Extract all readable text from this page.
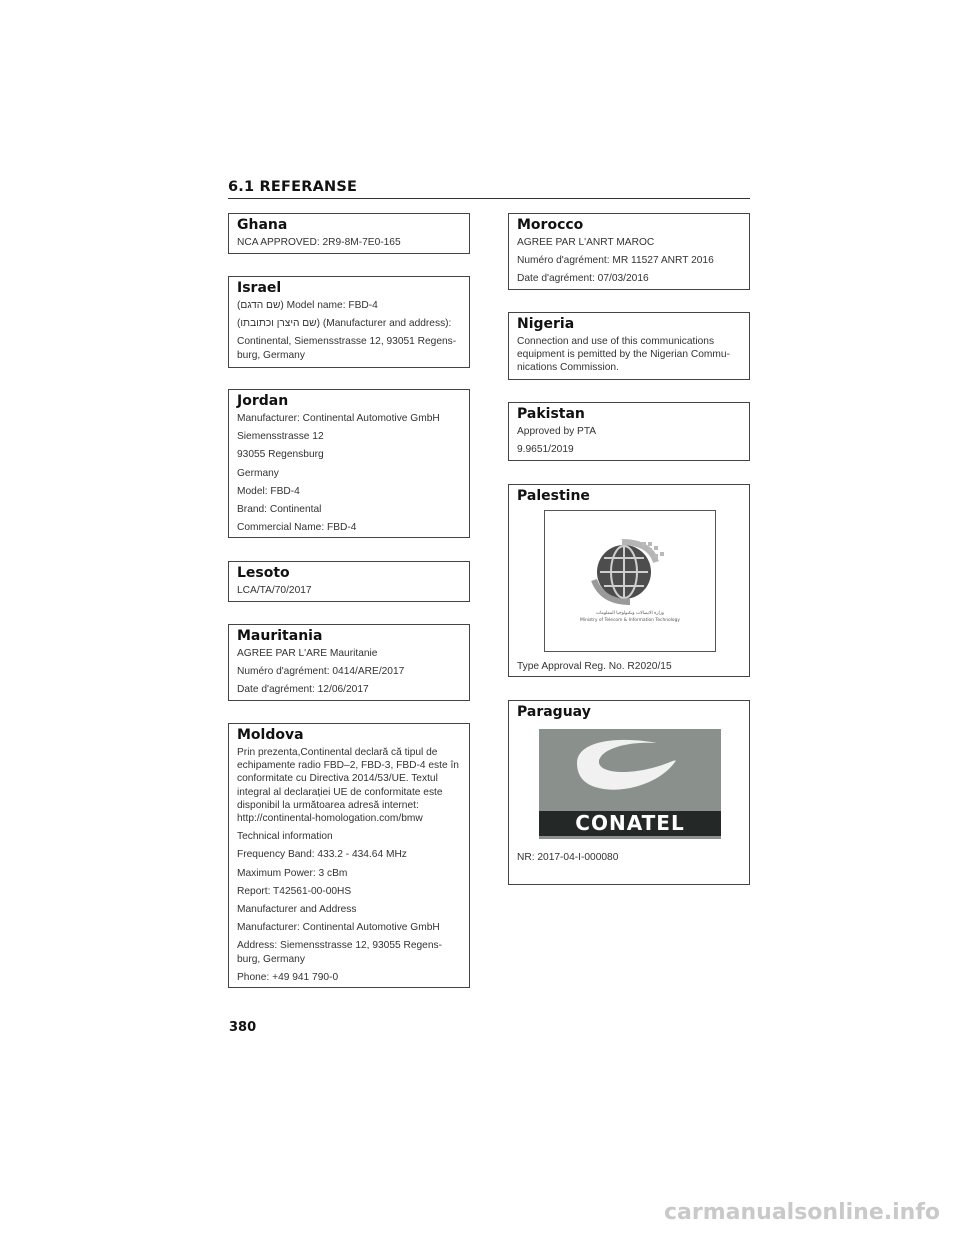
6.1 REFERANSE
Ghana

NCA APPROVED: 2R9-8M-7E0-165

Israel

(שם הדגם) Model name: FBD-4

(שם היצרן וכתובתו) (Manufacturer and address):

Continental, Siemensstrasse 12, 93051 Regens-burg, Germany

Jordan

Manufacturer: Continental Automotive GmbH

Siemensstrasse 12

93055 Regensburg

Germany

Model: FBD-4

Brand: Continental

Commercial Name: FBD-4

Lesoto

LCA/TA/70/2017

Mauritania

AGREE PAR L'ARE Mauritanie

Numéro d'agrément: 0414/ARE/2017

Date d'agrément: 12/06/2017

Moldova

Prin prezenta,Continental declară că tipul de echipamente radio FBD–2, FBD-3, FBD-4 este în conformitate cu Directiva 2014/53/UE. Textul integral al declarației UE de conformitate este disponibil la următoarea adresă internet: http://continental-homologation.com/bmw

Technical information

Frequency Band: 433.2 - 434.64 MHz

Maximum Power: 3 cBm

Report: T42561-00-00HS

Manufacturer and Address

Manufacturer: Continental Automotive GmbH

Address: Siemensstrasse 12, 93055 Regens-burg, Germany

Phone: +49 941 790-0

Morocco

AGREE PAR L'ANRT MAROC

Numéro d'agrément: MR 11527 ANRT 2016

Date d'agrément: 07/03/2016

Nigeria

Connection and use of this communications equipment is pemitted by the Nigerian Commu-nications Commission.

Pakistan

Approved by PTA

9.9651/2019

Palestine
وزارة الاتصالات وتكنولوجيا المعلومات
Ministry of Telecom & Information Technology

Type Approval Reg. No. R2020/15

Paraguay
CONATEL

NR: 2017-04-I-000080

380
carmanualsonline.info
